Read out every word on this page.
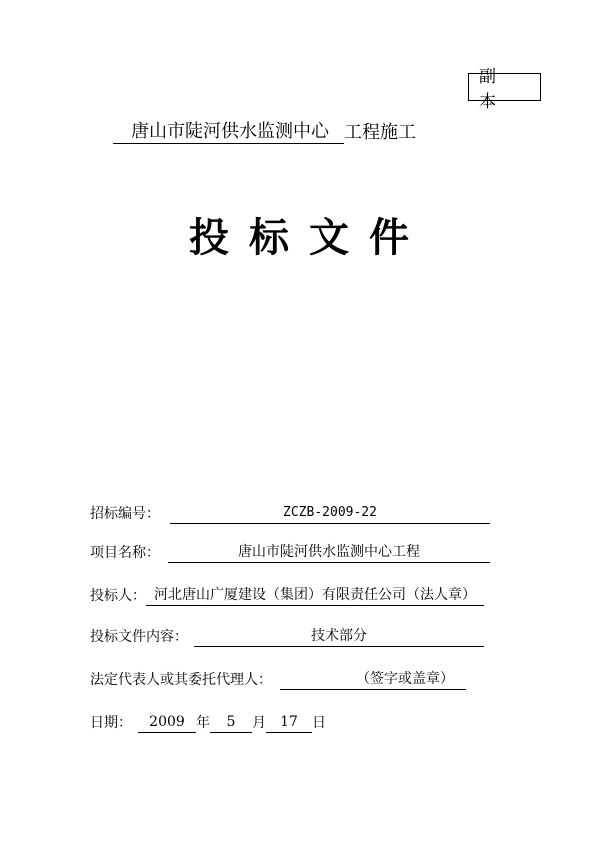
副 本
唐山市陡河供水监测中心 工程施工
投标文件
招标编号：	ZCZB-2009-22
项目名称：	唐山市陡河供水监测中心工程
投标人： 河北唐山广厦建设（集团）有限责任公司（法人章）
投标文件内容：	技术部分
法定代表人或其委托代理人：	（签字或盖章）
日期：	2009 年	5	月	17	日
